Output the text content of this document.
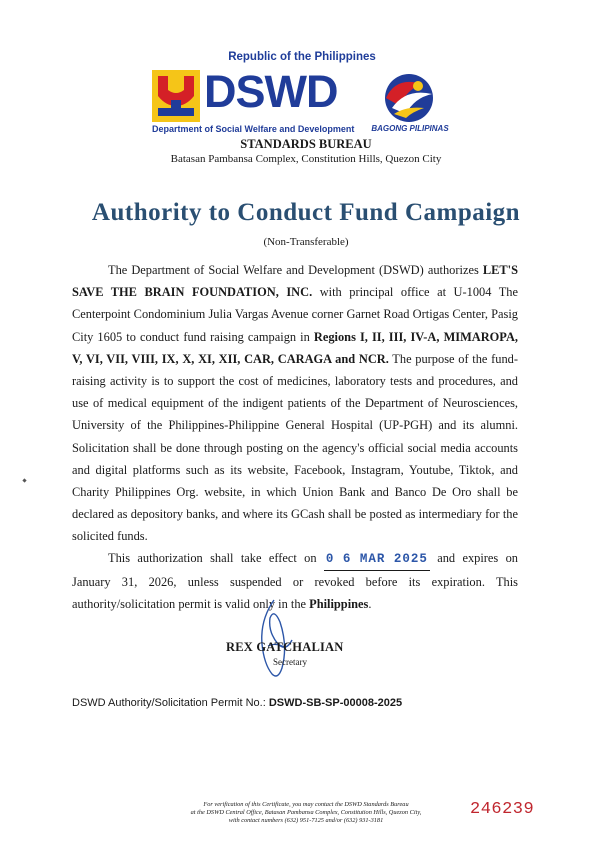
Republic of the Philippines
DSWD
Department of Social Welfare and Development BAGONG PILIPINAS
STANDARDS BUREAU
Batasan Pambansa Complex, Constitution Hills, Quezon City
Authority to Conduct Fund Campaign
(Non-Transferable)
The Department of Social Welfare and Development (DSWD) authorizes LET'S SAVE THE BRAIN FOUNDATION, INC. with principal office at U-1004 The Centerpoint Condominium Julia Vargas Avenue corner Garnet Road Ortigas Center, Pasig City 1605 to conduct fund raising campaign in Regions I, II, III, IV-A, MIMAROPA, V, VI, VII, VIII, IX, X, XI, XII, CAR, CARAGA and NCR. The purpose of the fund-raising activity is to support the cost of medicines, laboratory tests and procedures, and use of medical equipment of the indigent patients of the Department of Neurosciences, University of the Philippines-Philippine General Hospital (UP-PGH) and its alumni. Solicitation shall be done through posting on the agency's official social media accounts and digital platforms such as its website, Facebook, Instagram, Youtube, Tiktok, and Charity Philippines Org. website, in which Union Bank and Banco De Oro shall be declared as depository banks, and where its GCash shall be posted as intermediary for the solicited funds.
This authorization shall take effect on 0 6 MAR 2025 and expires on January 31, 2026, unless suspended or revoked before its expiration. This authority/solicitation permit is valid only in the Philippines.
REX GATCHALIAN
Secretary
DSWD Authority/Solicitation Permit No.: DSWD-SB-SP-00008-2025
For verification of this Certificate, you may contact the DSWD Standards Bureau
at the DSWD Central Office, Batasan Pambansa Complex, Constitution Hills, Quezon City,
with contact numbers (632) 951-7125 and/or (632) 931-3181
246239
